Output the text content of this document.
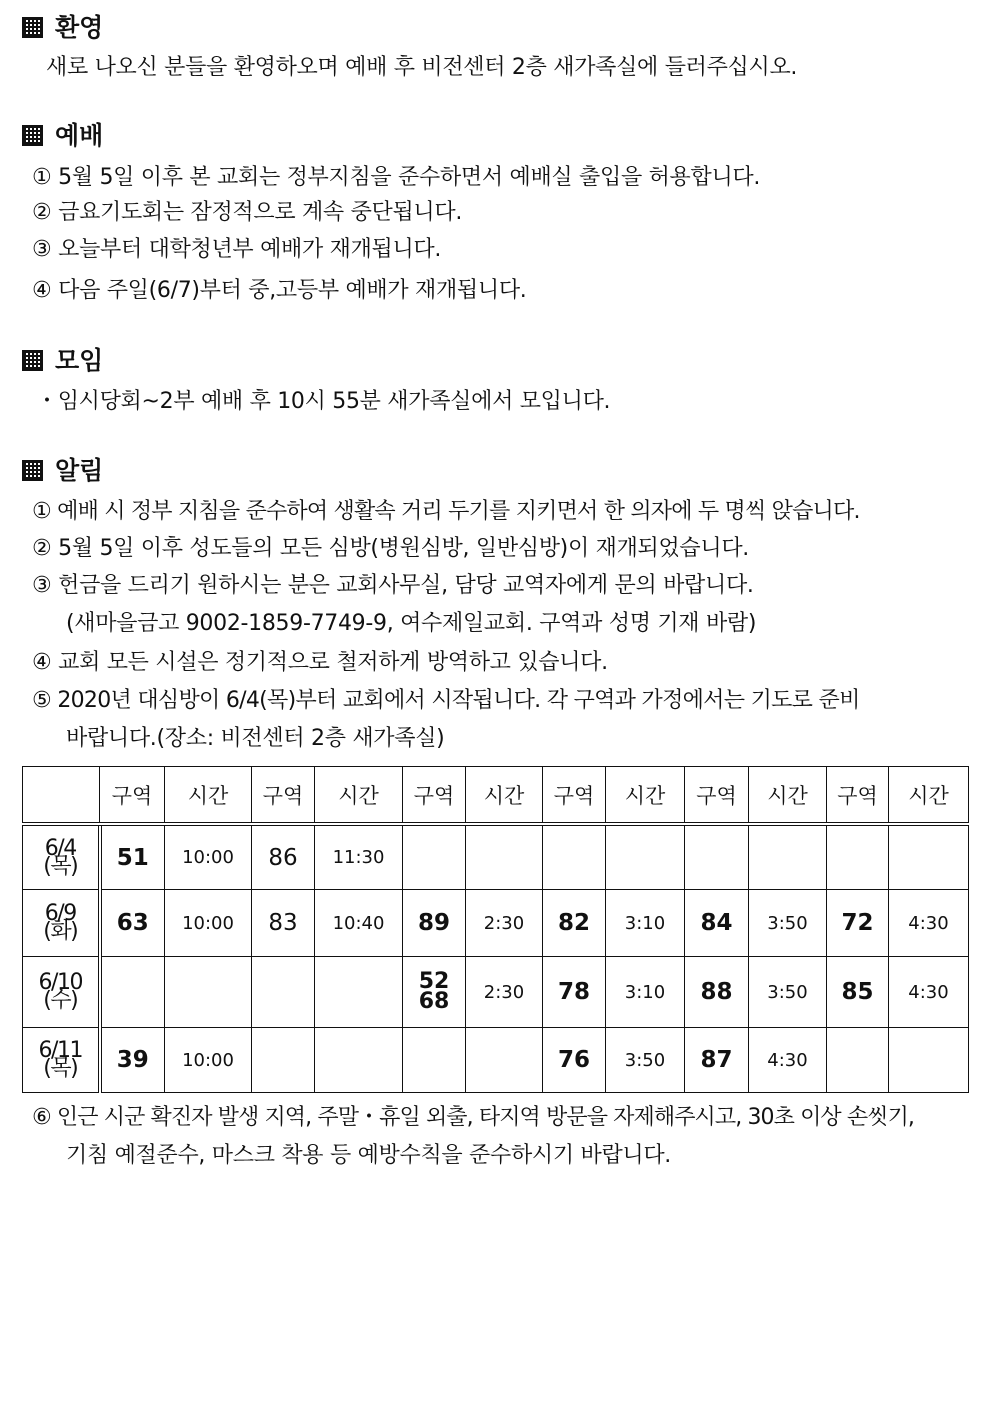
환영
새로 나오신 분들을 환영하오며 예배 후 비전센터 2층 새가족실에 들러주십시오.
예배
① 5월 5일 이후 본 교회는 정부지침을 준수하면서 예배실 출입을 허용합니다.
② 금요기도회는 잠정적으로 계속 중단됩니다.
③ 오늘부터 대학청년부 예배가 재개됩니다.
④ 다음 주일(6/7)부터 중,고등부 예배가 재개됩니다.
모임
・임시당회~2부 예배 후 10시 55분 새가족실에서 모입니다.
알림
① 예배 시 정부 지침을 준수하여 생활속 거리 두기를 지키면서 한 의자에 두 명씩 앉습니다.
② 5월 5일 이후 성도들의 모든 심방(병원심방, 일반심방)이 재개되었습니다.
③ 헌금을 드리기 원하시는 분은 교회사무실, 담당 교역자에게 문의 바랍니다.
(새마을금고 9002-1859-7749-9, 여수제일교회. 구역과 성명 기재 바람)
④ 교회 모든 시설은 정기적으로 철저하게 방역하고 있습니다.
⑤ 2020년 대심방이 6/4(목)부터 교회에서 시작됩니다. 각 구역과 가정에서는 기도로 준비
바랍니다.(장소: 비전센터 2층 새가족실)
	구역	시간	구역	시간	구역	시간	구역	시간	구역	시간	구역	시간
6/4
(목)	51	10:00	86	11:30								
6/9
(화)	63	10:00	83	10:40	89	2:30	82	3:10	84	3:50	72	4:30
6/10
(수)					52
68	2:30	78	3:10	88	3:50	85	4:30
6/11
(목)	39	10:00					76	3:50	87	4:30		
⑥ 인근 시군 확진자 발생 지역, 주말・휴일 외출, 타지역 방문을 자제해주시고, 30초 이상 손씻기,
기침 예절준수, 마스크 착용 등 예방수칙을 준수하시기 바랍니다.
